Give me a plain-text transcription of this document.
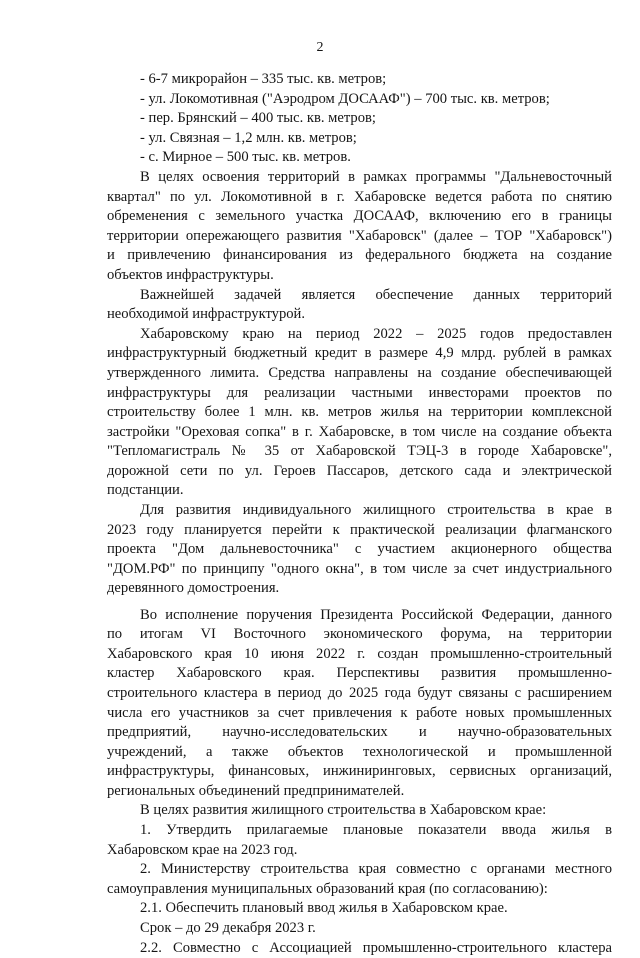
2
- 6-7 микрорайон – 335 тыс. кв. метров;
- ул. Локомотивная ("Аэродром ДОСААФ") – 700 тыс. кв. метров;
- пер. Брянский – 400 тыс. кв. метров;
- ул. Связная – 1,2 млн. кв. метров;
- с. Мирное – 500 тыс. кв. метров.
В целях освоения территорий в рамках программы "Дальневосточный
квартал" по ул. Локомотивной в г. Хабаровске ведется работа по снятию
обременения с земельного участка ДОСААФ, включению его в границы
территории опережающего развития "Хабаровск" (далее – ТОР "Хабаровск")
и привлечению финансирования из федерального бюджета на создание
объектов инфраструктуры.
Важнейшей задачей является обеспечение данных территорий
необходимой инфраструктурой.
Хабаровскому краю на период 2022 – 2025 годов предоставлен
инфраструктурный бюджетный кредит в размере 4,9 млрд. рублей в рамках
утвержденного лимита. Средства направлены на создание обеспечивающей
инфраструктуры для реализации частными инвесторами проектов по
строительству более 1 млн. кв. метров жилья на территории комплексной
застройки "Ореховая сопка" в г. Хабаровске, в том числе на создание объекта
"Тепломагистраль № 35 от Хабаровской ТЭЦ-3 в городе Хабаровске",
дорожной сети по ул. Героев Пассаров, детского сада и электрической
подстанции.
Для развития индивидуального жилищного строительства в крае в
2023 году планируется перейти к практической реализации флагманского
проекта "Дом дальневосточника" с участием акционерного общества
"ДОМ.РФ" по принципу "одного окна", в том числе за счет индустриального
деревянного домостроения.
Во исполнение поручения Президента Российской Федерации, данного
по итогам VI Восточного экономического форума, на территории
Хабаровского края 10 июня 2022 г. создан промышленно-строительный
кластер Хабаровского края. Перспективы развития промышленно-
строительного кластера в период до 2025 года будут связаны с расширением
числа его участников за счет привлечения к работе новых промышленных
предприятий, научно-исследовательских и научно-образовательных
учреждений, а также объектов технологической и промышленной
инфраструктуры, финансовых, инжиниринговых, сервисных организаций,
региональных объединений предпринимателей.
В целях развития жилищного строительства в Хабаровском крае:
1. Утвердить прилагаемые плановые показатели ввода жилья в
Хабаровском крае на 2023 год.
2. Министерству строительства края совместно с органами местного
самоуправления муниципальных образований края (по согласованию):
2.1. Обеспечить плановый ввод жилья в Хабаровском крае.
Срок – до 29 декабря 2023 г.
2.2. Совместно с Ассоциацией промышленно-строительного кластера
